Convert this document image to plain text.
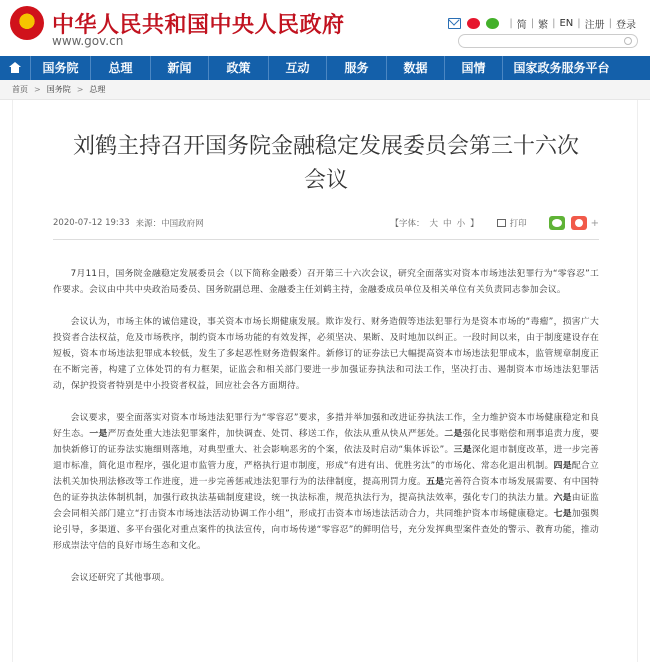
中华人民共和国中央人民政府
www.gov.cn
| 简 | 繁 | EN | 注册 | 登录
国务院	总理	新闻	政策	互动	服务	数据	国情	国家政务服务平台
首页 > 国务院 > 总理
刘鹤主持召开国务院金融稳定发展委员会第三十六次
会议
2020-07-12 19:33 来源： 中国政府网	【字体： 大 中 小 】	打印	+

7月11日，国务院金融稳定发展委员会（以下简称金融委）召开第三十六次会议，研究全面落实对资本市场违法犯罪行为“零容忍”工作要求。会议由中共中央政治局委员、国务院副总理、金融委主任刘鹤主持，金融委成员单位及相关单位有关负责同志参加会议。

会议认为，市场主体的诚信建设，事关资本市场长期健康发展。欺诈发行、财务造假等违法犯罪行为是资本市场的“毒瘤”，损害广大投资者合法权益，危及市场秩序，制约资本市场功能的有效发挥，必须坚决、果断、及时地加以纠正。一段时间以来，由于制度建设存在短板，资本市场违法犯罪成本较低，发生了多起恶性财务造假案件。新修订的证券法已大幅提高资本市场违法犯罪成本，监管规章制度正在不断完善，构建了立体处罚的有力框架，证监会和相关部门要进一步加强证券执法和司法工作，坚决打击、遏制资本市场违法犯罪活动，保护投资者特别是中小投资者权益，回应社会各方面期待。

会议要求，要全面落实对资本市场违法犯罪行为“零容忍”要求，多措并举加强和改进证券执法工作，全力维护资本市场健康稳定和良好生态。一是严厉查处重大违法犯罪案件，加快调查、处罚、移送工作，依法从重从快从严惩处。二是强化民事赔偿和刑事追责力度，要加快新修订的证券法实施细则落地，对典型重大、社会影响恶劣的个案，依法及时启动“集体诉讼”。三是深化退市制度改革，进一步完善退市标准，简化退市程序，强化退市监管力度，严格执行退市制度，形成“有进有出、优胜劣汰”的市场化、常态化退出机制。四是配合立法机关加快刑法修改等工作进度，进一步完善惩戒违法犯罪行为的法律制度，提高刑罚力度。五是完善符合资本市场发展需要、有中国特色的证券执法体制机制，加强行政执法基础制度建设，统一执法标准，规范执法行为，提高执法效率，强化专门的执法力量。六是由证监会会同相关部门建立“打击资本市场违法活动协调工作小组”，形成打击资本市场违法活动合力，共同维护资本市场健康稳定。七是加强舆论引导，多渠道、多平台强化对重点案件的执法宣传，向市场传递“零容忍”的鲜明信号，充分发挥典型案件查处的警示、教育功能，推动形成崇法守信的良好市场生态和文化。

会议还研究了其他事项。
